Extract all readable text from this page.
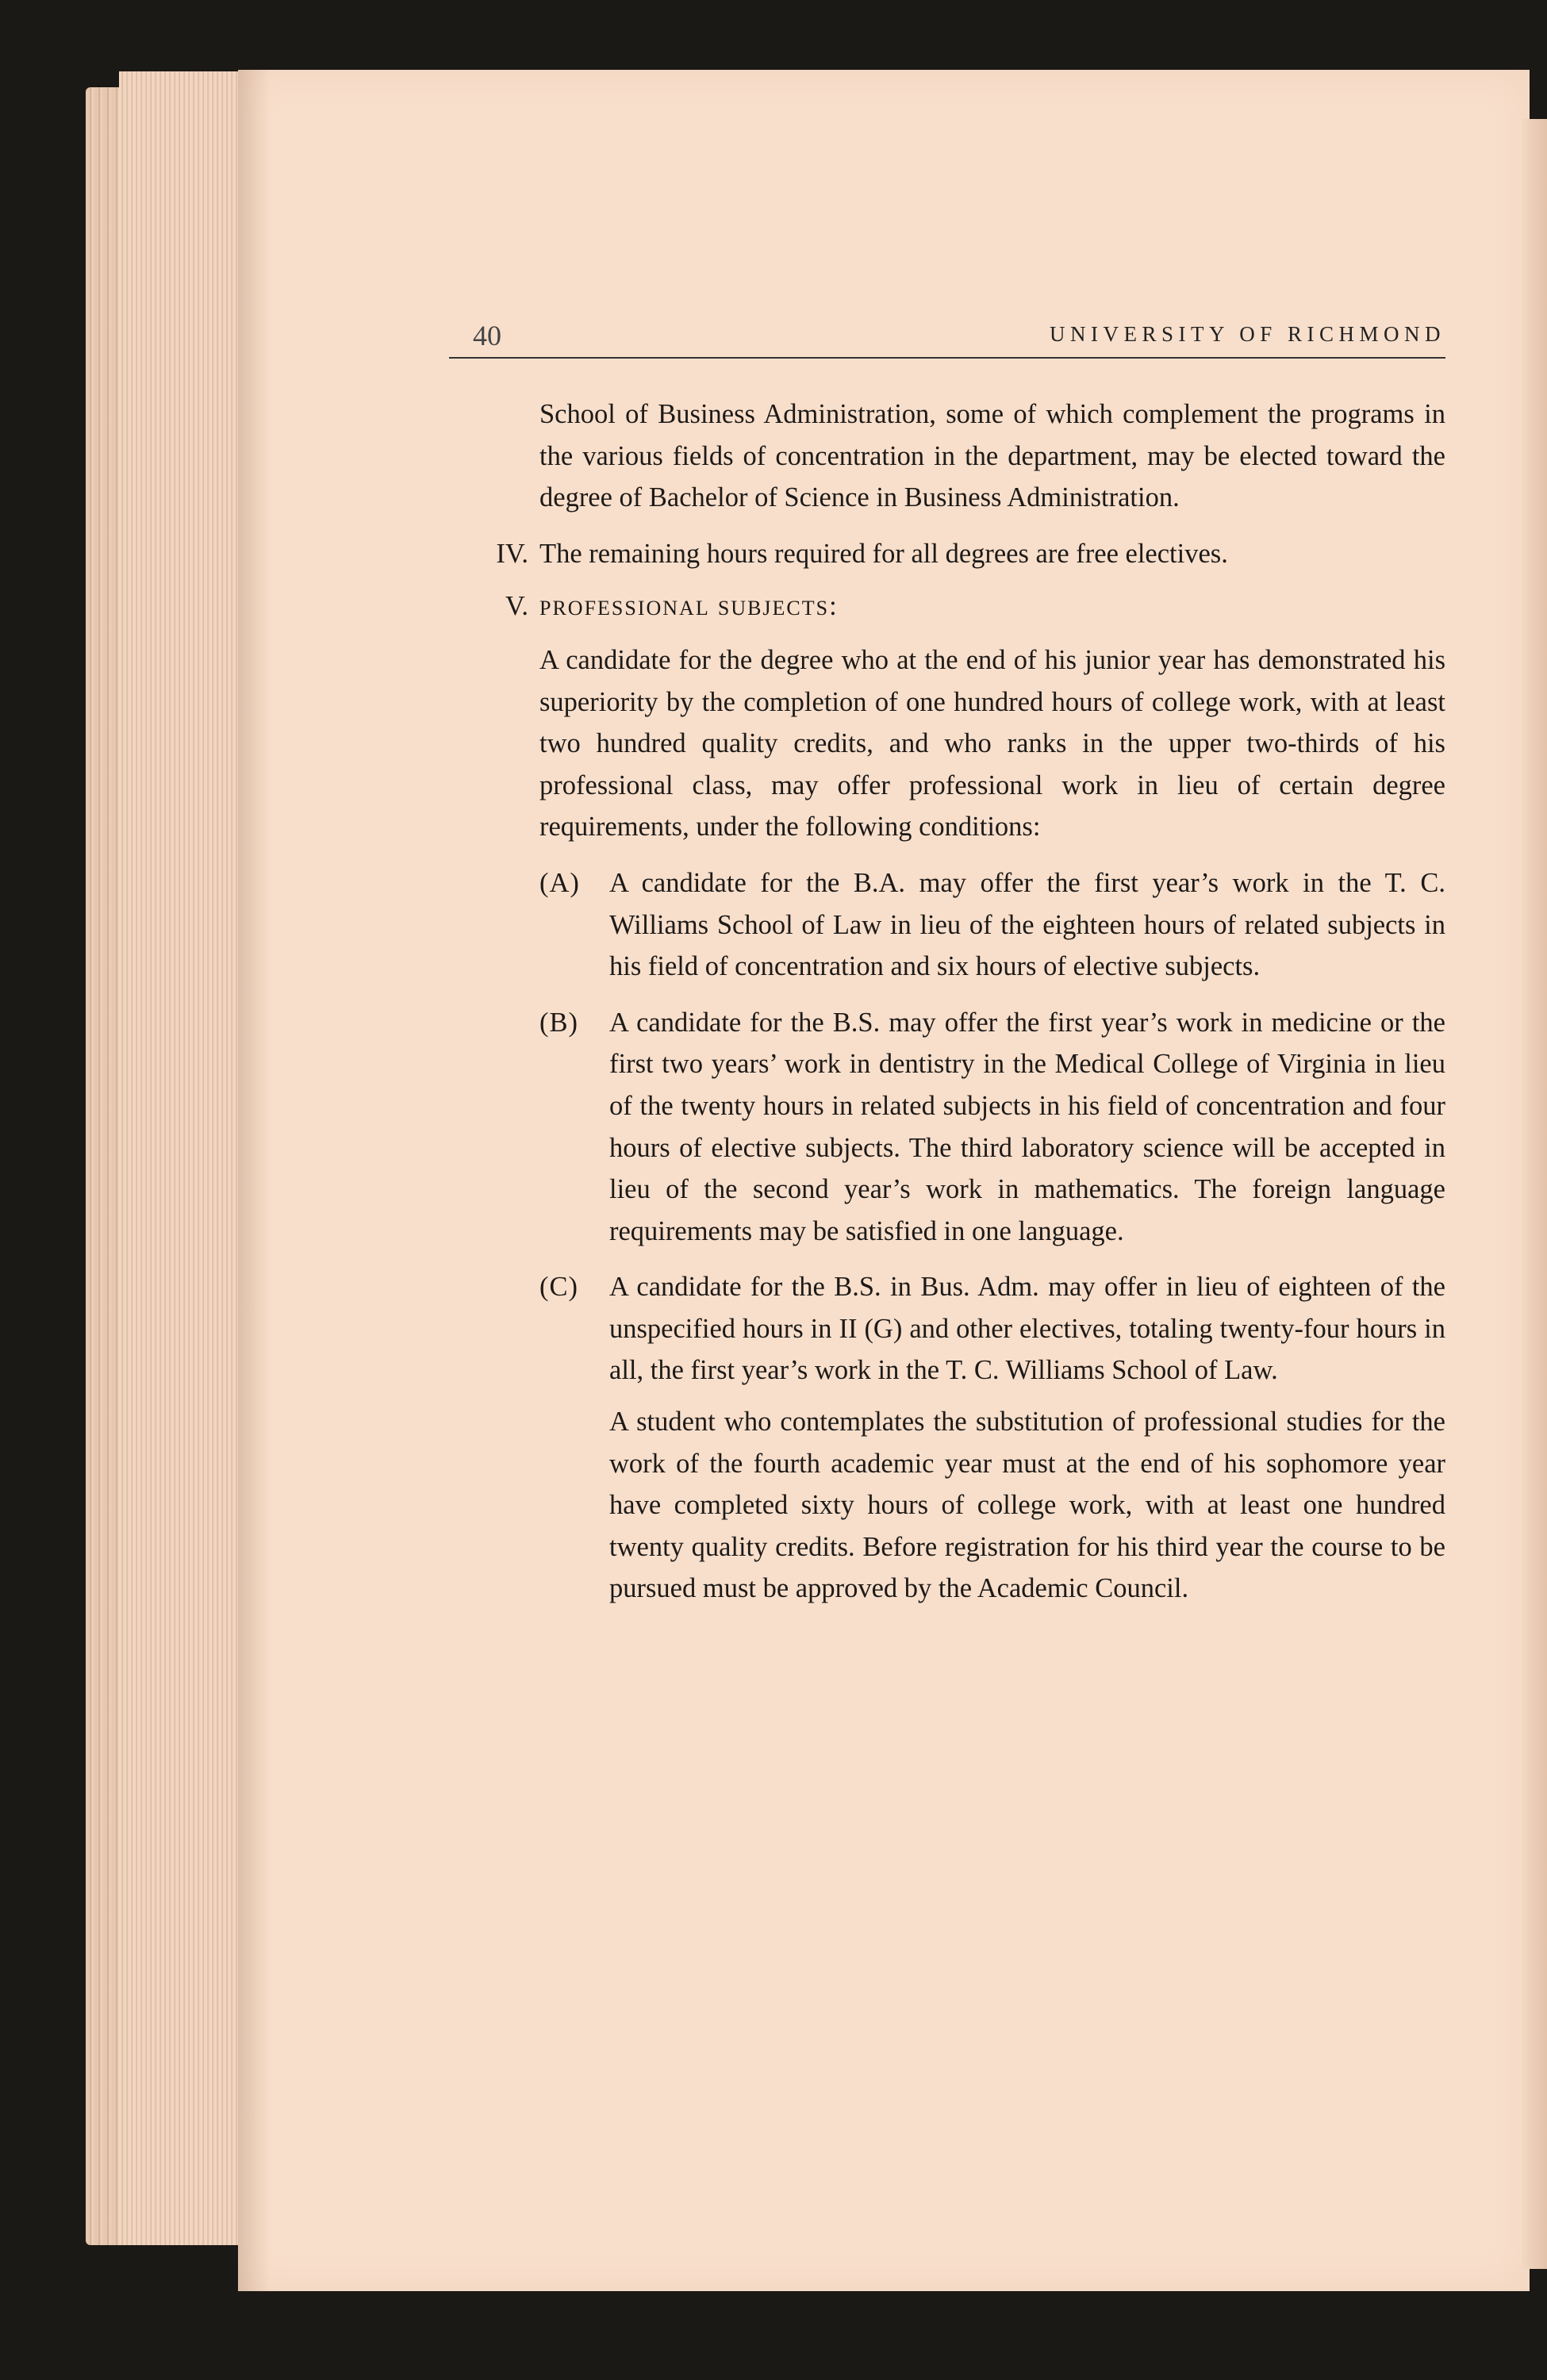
40	UNIVERSITY OF RICHMOND

School of Business Administration, some of which complement the programs in the various fields of concentration in the department, may be elected toward the degree of Bachelor of Science in Business Administration.

IV. The remaining hours required for all degrees are free electives.

V. PROFESSIONAL SUBJECTS:

A candidate for the degree who at the end of his junior year has demonstrated his superiority by the completion of one hundred hours of college work, with at least two hundred quality credits, and who ranks in the upper two-thirds of his professional class, may offer professional work in lieu of certain degree requirements, under the following conditions:

(A) A candidate for the B.A. may offer the first year’s work in the T. C. Williams School of Law in lieu of the eighteen hours of related subjects in his field of concentration and six hours of elective subjects.

(B) A candidate for the B.S. may offer the first year’s work in medicine or the first two years’ work in dentistry in the Medical College of Virginia in lieu of the twenty hours in related subjects in his field of concentration and four hours of elective subjects. The third laboratory science will be accepted in lieu of the second year’s work in mathematics. The foreign language requirements may be satisfied in one language.

(C) A candidate for the B.S. in Bus. Adm. may offer in lieu of eighteen of the unspecified hours in II (G) and other electives, totaling twenty-four hours in all, the first year’s work in the T. C. Williams School of Law.

A student who contemplates the substitution of professional studies for the work of the fourth academic year must at the end of his sophomore year have completed sixty hours of college work, with at least one hundred twenty quality credits. Before registration for his third year the course to be pursued must be approved by the Academic Council.
